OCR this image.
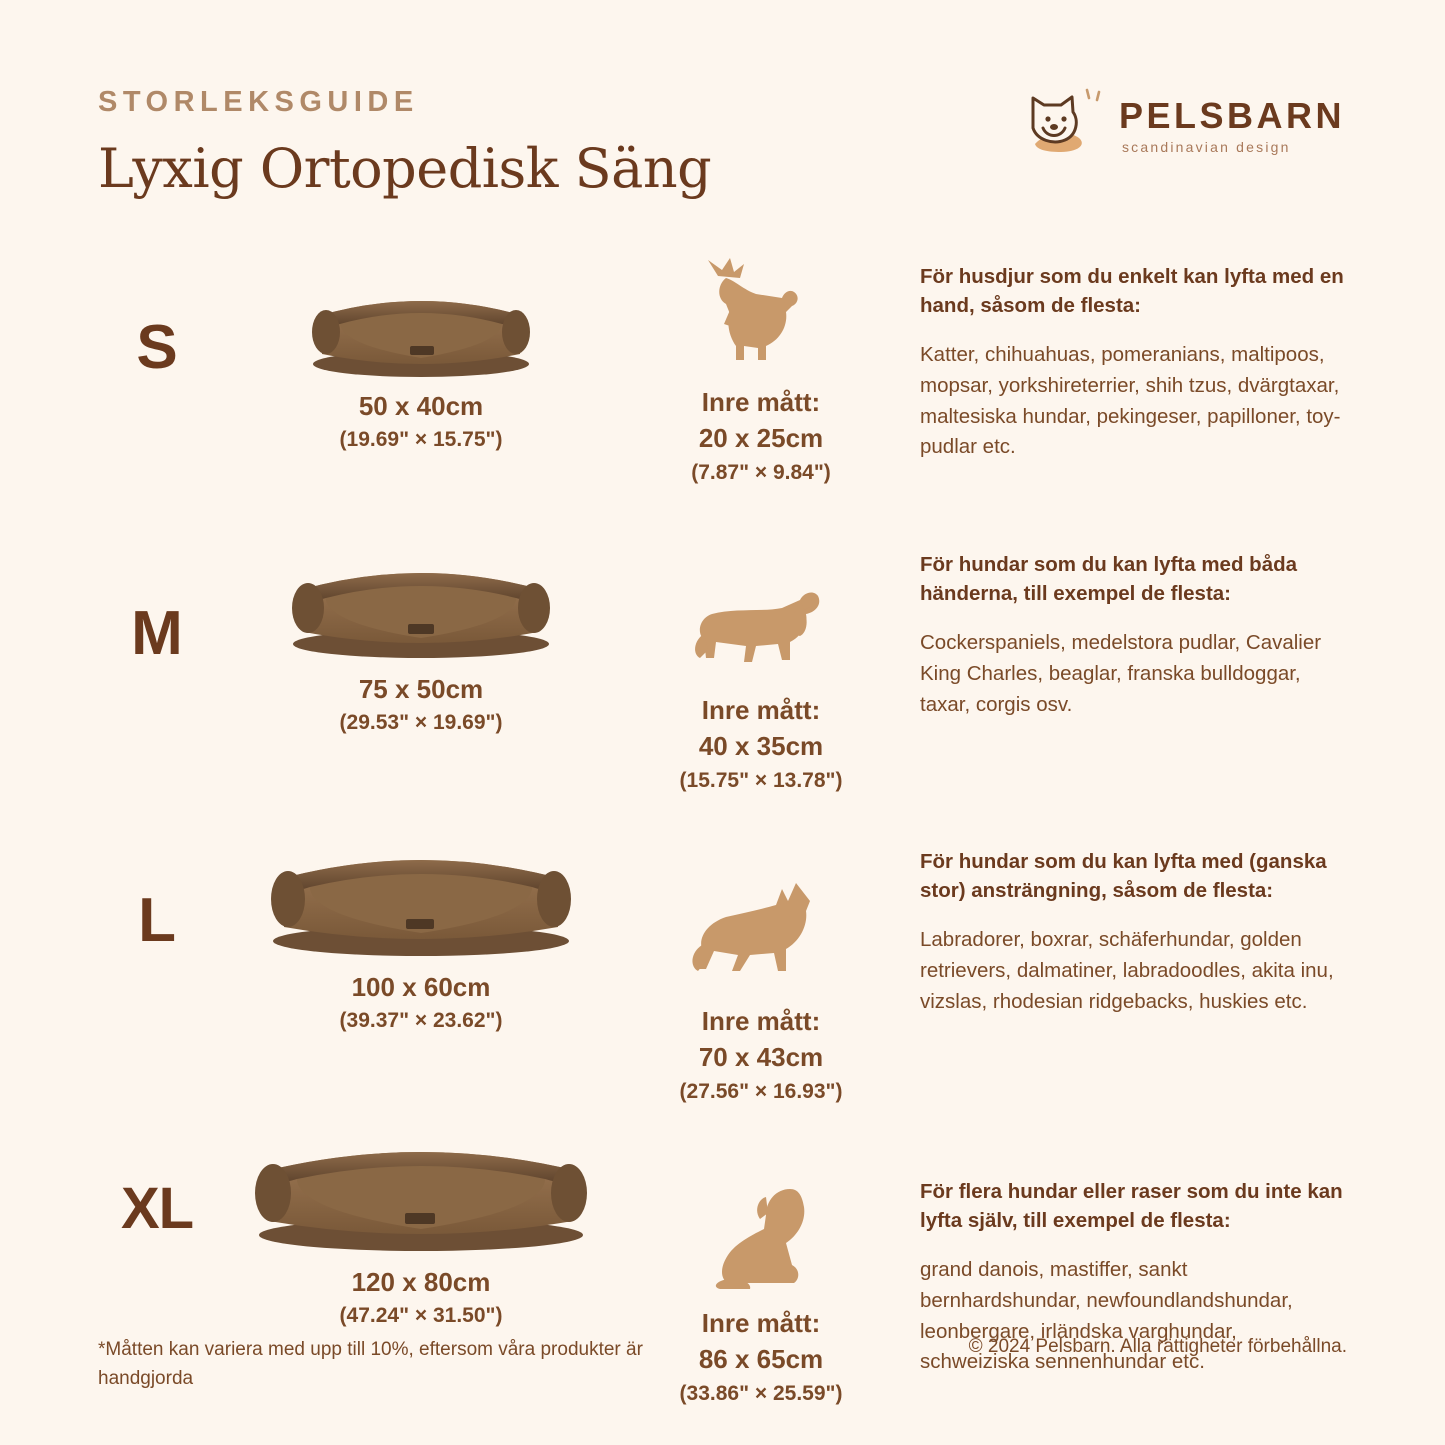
STORLEKSGUIDE
Lyxig Ortopedisk Säng
PELSBARN
scandinavian design
S
50 x 40cm
(19.69" × 15.75")
Inre mått:
20 x 25cm
(7.87" × 9.84")
För husdjur som du enkelt kan lyfta med en hand, såsom de flesta:
Katter, chihuahuas, pomeranians, maltipoos, mopsar, yorkshireterrier, shih tzus, dvärgtaxar, maltesiska hundar, pekingeser, papilloner, toy-pudlar etc.
M
75 x 50cm
(29.53" × 19.69")	Inre mått:
40 x 35cm
(15.75" × 13.78")
För hundar som du kan lyfta med båda händerna, till exempel de flesta:
Cockerspaniels, medelstora pudlar, Cavalier King Charles, beaglar, franska bulldoggar, taxar, corgis osv.
L
100 x 60cm
(39.37" × 23.62")	Inre mått:
70 x 43cm
(27.56" × 16.93")
För hundar som du kan lyfta med (ganska stor) ansträngning, såsom de flesta:
Labradorer, boxrar, schäferhundar, golden retrievers, dalmatiner, labradoodles, akita inu, vizslas, rhodesian ridgebacks, huskies etc.
XL
120 x 80cm
(47.24" × 31.50")	Inre mått:
86 x 65cm
(33.86" × 25.59")
För flera hundar eller raser som du inte kan lyfta själv, till exempel de flesta:
grand danois, mastiffer, sankt bernhardshundar, newfoundlandshundar, leonbergare, irländska varghundar, schweiziska sennenhundar etc.
*Måtten kan variera med upp till 10%, eftersom våra produkter är handgjorda
© 2024 Pelsbarn. Alla rättigheter förbehållna.
